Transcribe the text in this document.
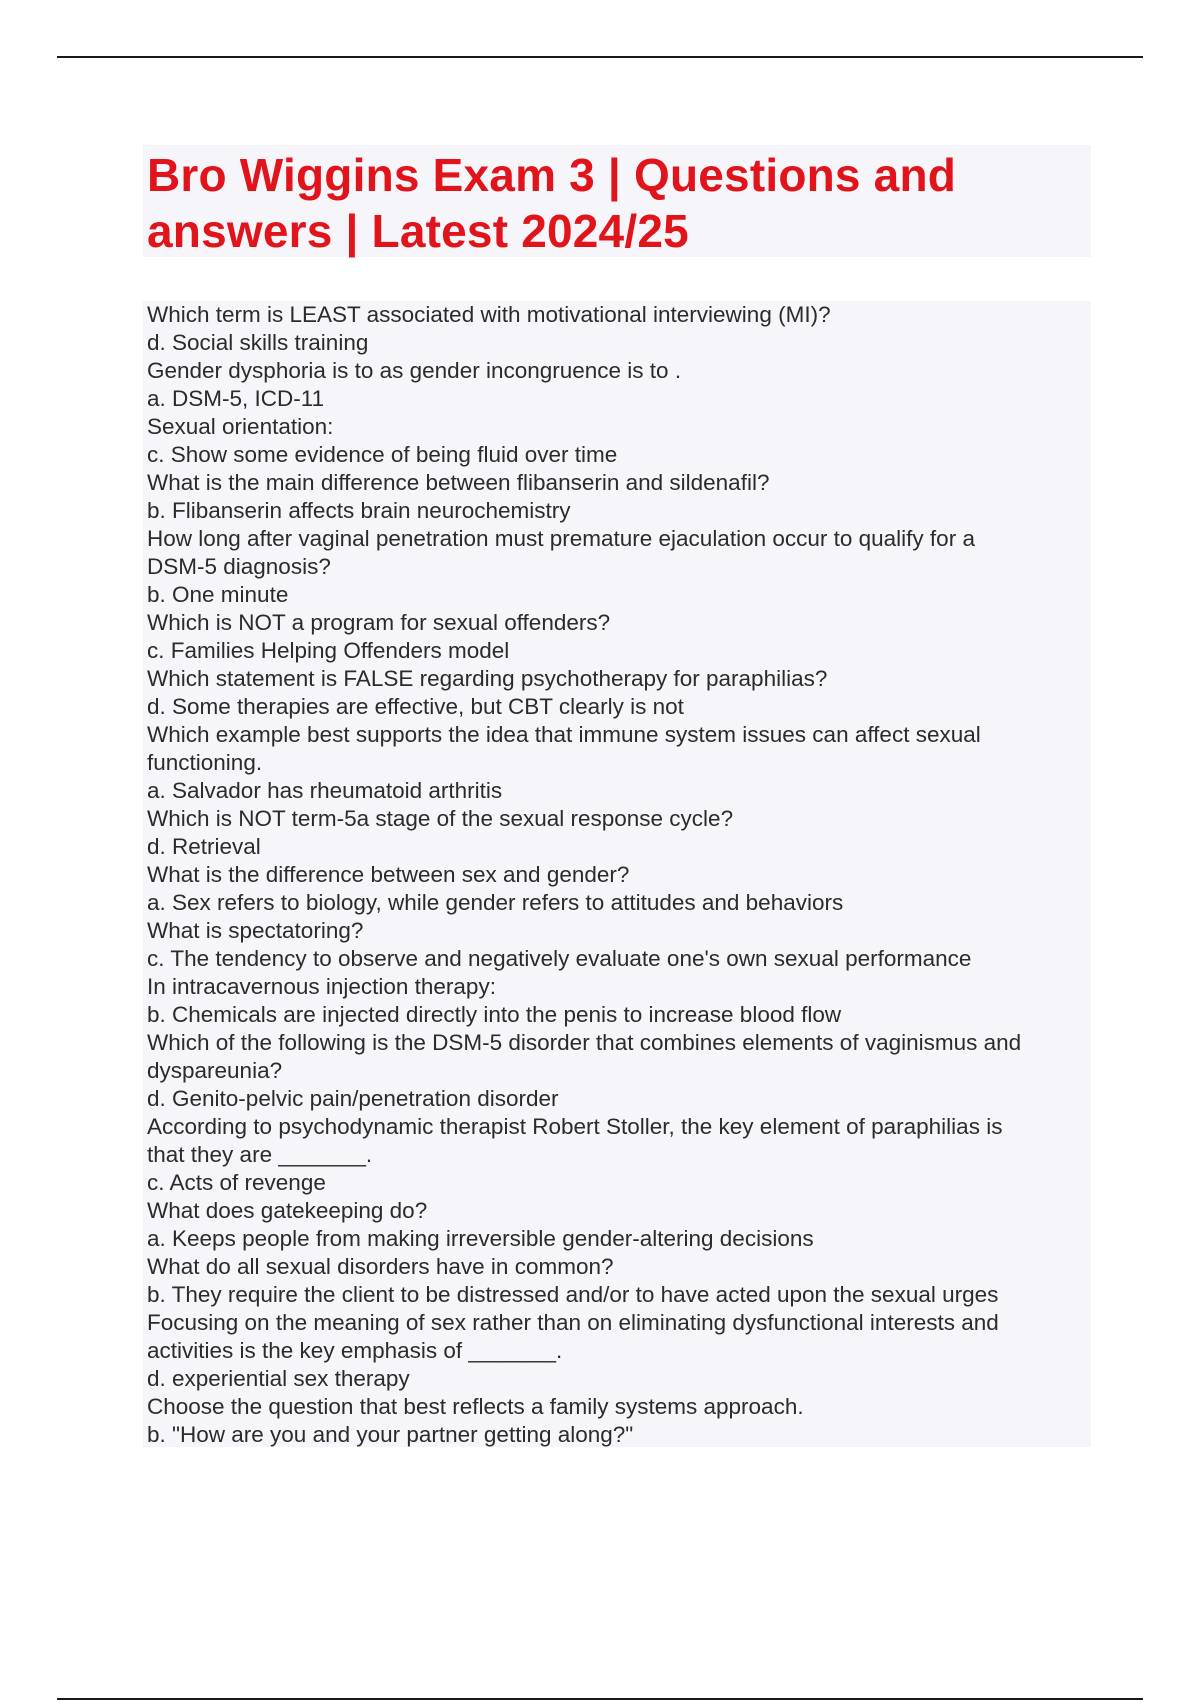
Bro Wiggins Exam 3 | Questions and
answers | Latest 2024/25
Which term is LEAST associated with motivational interviewing (MI)?
d. Social skills training
Gender dysphoria is to as gender incongruence is to .
a. DSM-5, ICD-11
Sexual orientation:
c. Show some evidence of being fluid over time
What is the main difference between flibanserin and sildenafil?
b. Flibanserin affects brain neurochemistry
How long after vaginal penetration must premature ejaculation occur to qualify for a
DSM-5 diagnosis?
b. One minute
Which is NOT a program for sexual offenders?
c. Families Helping Offenders model
Which statement is FALSE regarding psychotherapy for paraphilias?
d. Some therapies are effective, but CBT clearly is not
Which example best supports the idea that immune system issues can affect sexual
functioning.
a. Salvador has rheumatoid arthritis
Which is NOT term-5a stage of the sexual response cycle?
d. Retrieval
What is the difference between sex and gender?
a. Sex refers to biology, while gender refers to attitudes and behaviors
What is spectatoring?
c. The tendency to observe and negatively evaluate one's own sexual performance
In intracavernous injection therapy:
b. Chemicals are injected directly into the penis to increase blood flow
Which of the following is the DSM-5 disorder that combines elements of vaginismus and
dyspareunia?
d. Genito-pelvic pain/penetration disorder
According to psychodynamic therapist Robert Stoller, the key element of paraphilias is
that they are _______.
c. Acts of revenge
What does gatekeeping do?
a. Keeps people from making irreversible gender-altering decisions
What do all sexual disorders have in common?
b. They require the client to be distressed and/or to have acted upon the sexual urges
Focusing on the meaning of sex rather than on eliminating dysfunctional interests and
activities is the key emphasis of _______.
d. experiential sex therapy
Choose the question that best reflects a family systems approach.
b. "How are you and your partner getting along?"
